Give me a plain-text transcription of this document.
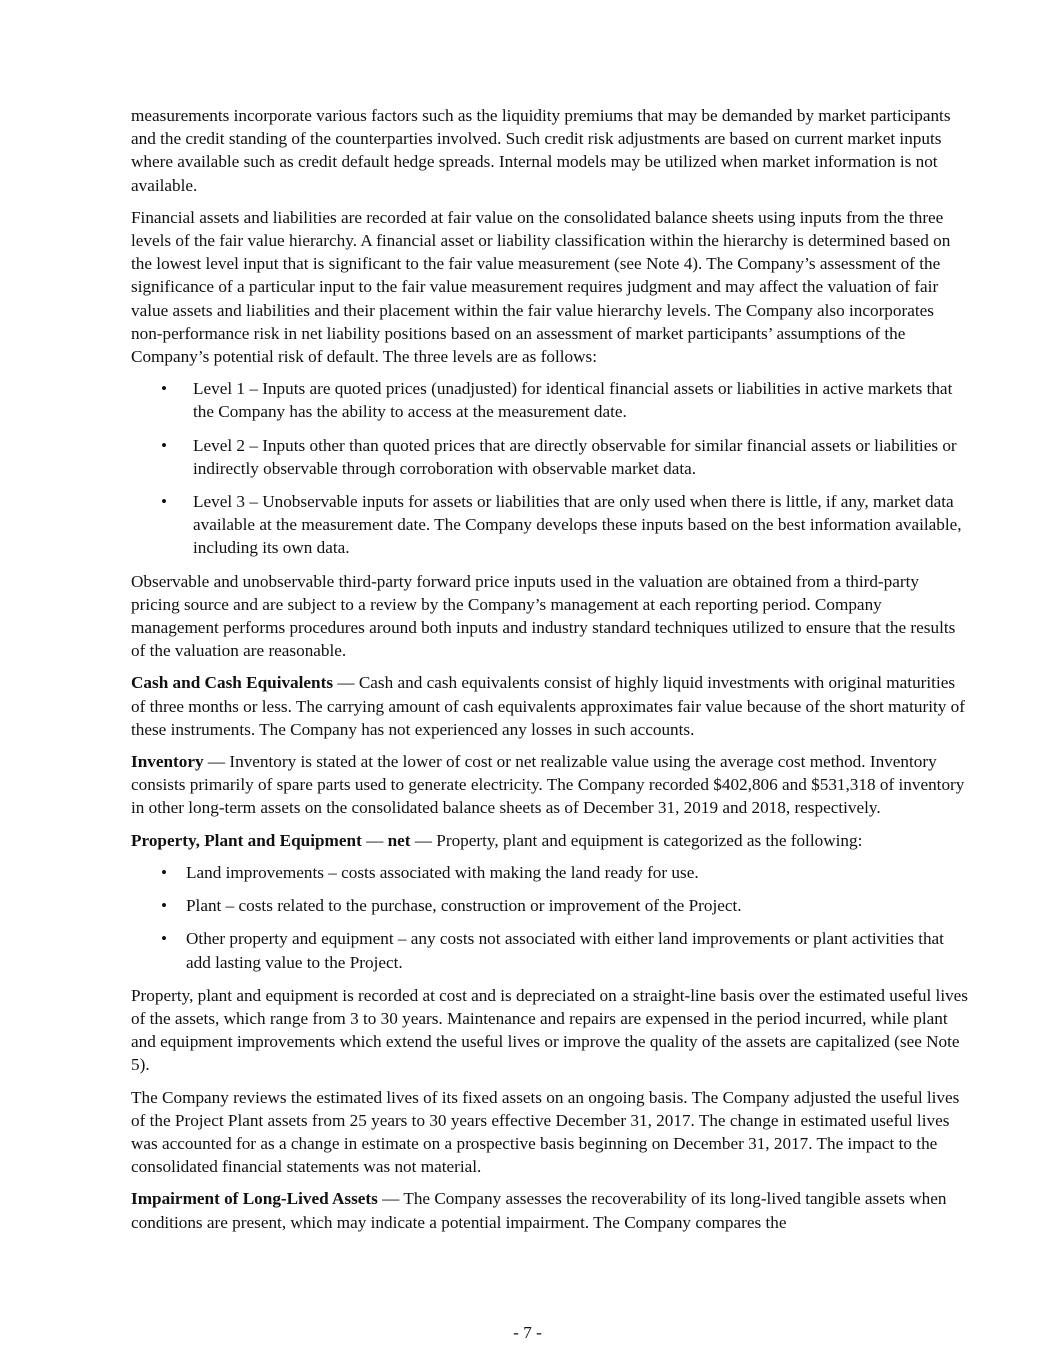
measurements incorporate various factors such as the liquidity premiums that may be demanded by market participants and the credit standing of the counterparties involved. Such credit risk adjustments are based on current market inputs where available such as credit default hedge spreads. Internal models may be utilized when market information is not available.

Financial assets and liabilities are recorded at fair value on the consolidated balance sheets using inputs from the three levels of the fair value hierarchy. A financial asset or liability classification within the hierarchy is determined based on the lowest level input that is significant to the fair value measurement (see Note 4). The Company’s assessment of the significance of a particular input to the fair value measurement requires judgment and may affect the valuation of fair value assets and liabilities and their placement within the fair value hierarchy levels. The Company also incorporates non-performance risk in net liability positions based on an assessment of market participants’ assumptions of the Company’s potential risk of default. The three levels are as follows:

• Level 1 – Inputs are quoted prices (unadjusted) for identical financial assets or liabilities in active markets that the Company has the ability to access at the measurement date.
• Level 2 – Inputs other than quoted prices that are directly observable for similar financial assets or liabilities or indirectly observable through corroboration with observable market data.
• Level 3 – Unobservable inputs for assets or liabilities that are only used when there is little, if any, market data available at the measurement date. The Company develops these inputs based on the best information available, including its own data.

Observable and unobservable third-party forward price inputs used in the valuation are obtained from a third-party pricing source and are subject to a review by the Company’s management at each reporting period. Company management performs procedures around both inputs and industry standard techniques utilized to ensure that the results of the valuation are reasonable.

Cash and Cash Equivalents — Cash and cash equivalents consist of highly liquid investments with original maturities of three months or less. The carrying amount of cash equivalents approximates fair value because of the short maturity of these instruments. The Company has not experienced any losses in such accounts.

Inventory — Inventory is stated at the lower of cost or net realizable value using the average cost method. Inventory consists primarily of spare parts used to generate electricity. The Company recorded $402,806 and $531,318 of inventory in other long-term assets on the consolidated balance sheets as of December 31, 2019 and 2018, respectively.

Property, Plant and Equipment — net — Property, plant and equipment is categorized as the following:

• Land improvements – costs associated with making the land ready for use.
• Plant – costs related to the purchase, construction or improvement of the Project.
• Other property and equipment – any costs not associated with either land improvements or plant activities that add lasting value to the Project.

Property, plant and equipment is recorded at cost and is depreciated on a straight-line basis over the estimated useful lives of the assets, which range from 3 to 30 years. Maintenance and repairs are expensed in the period incurred, while plant and equipment improvements which extend the useful lives or improve the quality of the assets are capitalized (see Note 5).

The Company reviews the estimated lives of its fixed assets on an ongoing basis. The Company adjusted the useful lives of the Project Plant assets from 25 years to 30 years effective December 31, 2017. The change in estimated useful lives was accounted for as a change in estimate on a prospective basis beginning on December 31, 2017. The impact to the consolidated financial statements was not material.

Impairment of Long-Lived Assets — The Company assesses the recoverability of its long-lived tangible assets when conditions are present, which may indicate a potential impairment. The Company compares the

- 7 -
